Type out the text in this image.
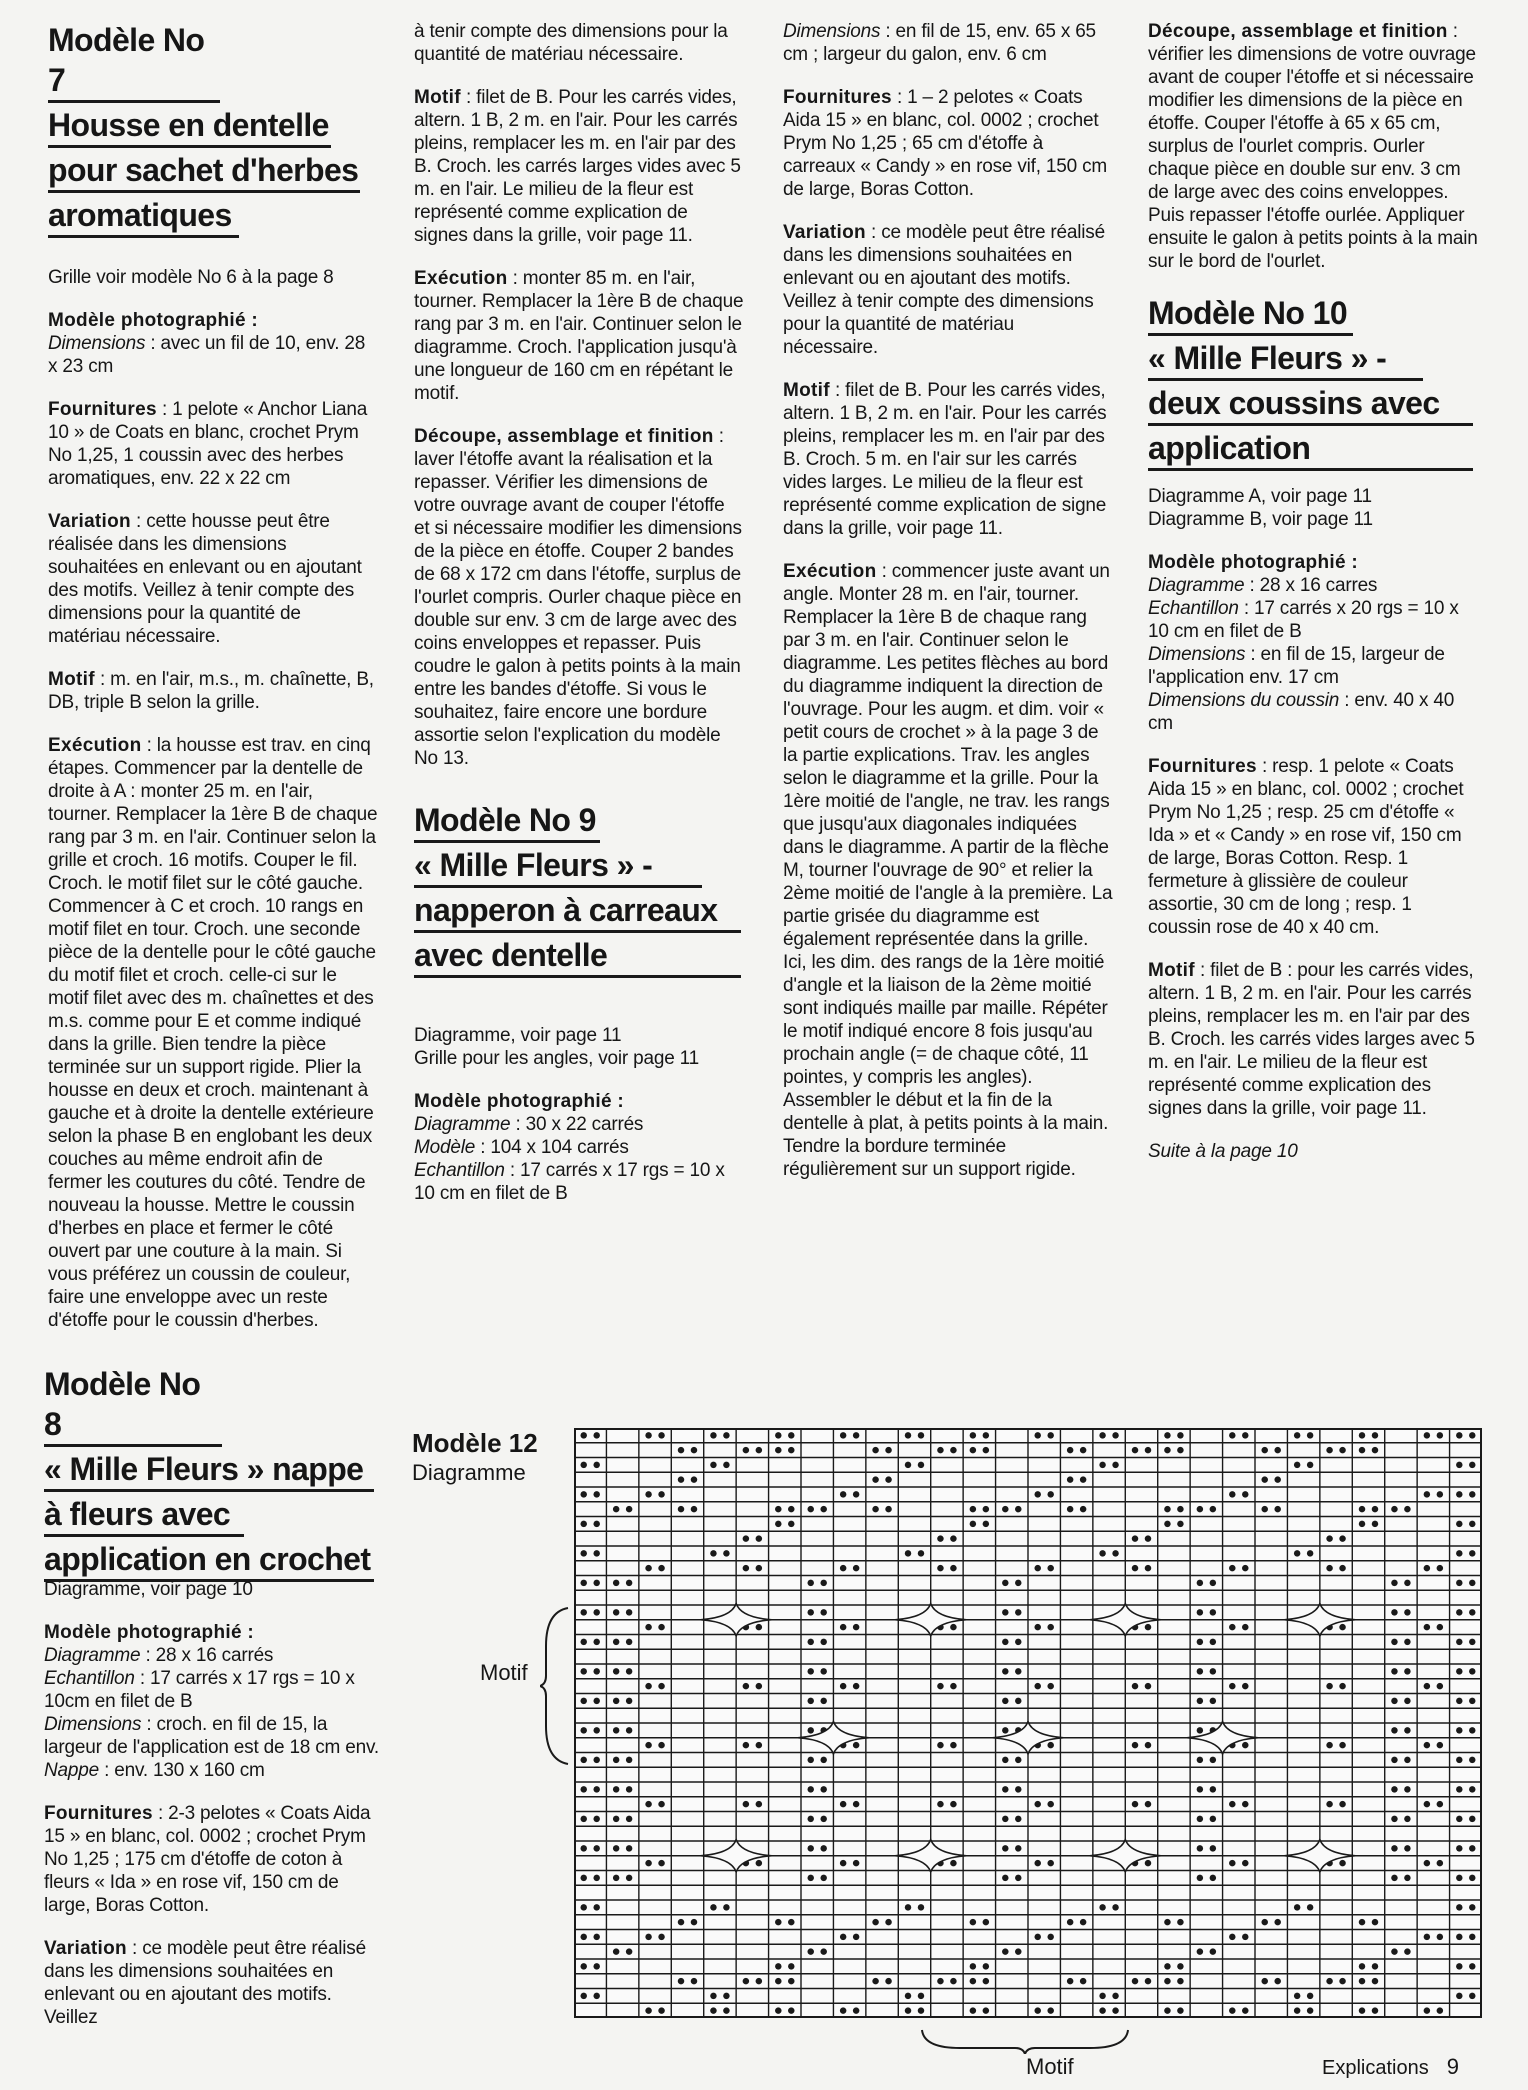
Modèle No 7
Housse en dentelle
pour sachet d'herbes
aromatiques

Grille voir modèle No 6 à la page 8

Modèle photographié :
Dimensions : avec un fil de 10, env. 28 x 23 cm

Fournitures : 1 pelote « Anchor Liana 10 » de Coats en blanc, crochet Prym No 1,25, 1 coussin avec des herbes aromatiques, env. 22 x 22 cm

Variation : cette housse peut être réalisée dans les dimensions souhaitées en enlevant ou en ajoutant des motifs. Veillez à tenir compte des dimensions pour la quantité de matériau nécessaire.

Motif : m. en l'air, m.s., m. chaînette, B, DB, triple B selon la grille.

Exécution : la housse est trav. en cinq étapes. Commencer par la dentelle de droite à A : monter 25 m. en l'air, tourner. Remplacer la 1ère B de chaque rang par 3 m. en l'air. Continuer selon la grille et croch. 16 motifs. Couper le fil. Croch. le motif filet sur le côté gauche. Commencer à C et croch. 10 rangs en motif filet en tour. Croch. une seconde pièce de la dentelle pour le côté gauche du motif filet et croch. celle-ci sur le motif filet avec des m. chaînettes et des m.s. comme pour E et comme indiqué dans la grille. Bien tendre la pièce terminée sur un support rigide. Plier la housse en deux et croch. maintenant à gauche et à droite la dentelle extérieure selon la phase B en englobant les deux couches au même endroit afin de fermer les coutures du côté. Tendre de nouveau la housse. Mettre le coussin d'herbes en place et fermer le côté ouvert par une couture à la main. Si vous préférez un coussin de couleur, faire une enveloppe avec un reste d'étoffe pour le coussin d'herbes.

à tenir compte des dimensions pour la quantité de matériau nécessaire.

Motif : filet de B. Pour les carrés vides, altern. 1 B, 2 m. en l'air. Pour les carrés pleins, remplacer les m. en l'air par des B. Croch. les carrés larges vides avec 5 m. en l'air. Le milieu de la fleur est représenté comme explication de signes dans la grille, voir page 11.

Exécution : monter 85 m. en l'air, tourner. Remplacer la 1ère B de chaque rang par 3 m. en l'air. Continuer selon le diagramme. Croch. l'application jusqu'à une longueur de 160 cm en répétant le motif.

Découpe, assemblage et finition : laver l'étoffe avant la réalisation et la repasser. Vérifier les dimensions de votre ouvrage avant de couper l'étoffe et si nécessaire modifier les dimensions de la pièce en étoffe. Couper 2 bandes de 68 x 172 cm dans l'étoffe, surplus de l'ourlet compris. Ourler chaque pièce en double sur env. 3 cm de large avec des coins enveloppes et repasser. Puis coudre le galon à petits points à la main entre les bandes d'étoffe. Si vous le souhaitez, faire encore une bordure assortie selon l'explication du modèle No 13.

Modèle No 9
« Mille Fleurs » -
napperon à carreaux
avec dentelle

Diagramme, voir page 11
Grille pour les angles, voir page 11

Modèle photographié :
Diagramme : 30 x 22 carrés
Modèle : 104 x 104 carrés
Echantillon : 17 carrés x 17 rgs = 10 x 10 cm en filet de B

Dimensions : en fil de 15, env. 65 x 65 cm ; largeur du galon, env. 6 cm

Fournitures : 1 – 2 pelotes « Coats Aida 15 » en blanc, col. 0002 ; crochet Prym No 1,25 ; 65 cm d'étoffe à carreaux « Candy » en rose vif, 150 cm de large, Boras Cotton.

Variation : ce modèle peut être réalisé dans les dimensions souhaitées en enlevant ou en ajoutant des motifs. Veillez à tenir compte des dimensions pour la quantité de matériau nécessaire.

Motif : filet de B. Pour les carrés vides, altern. 1 B, 2 m. en l'air. Pour les carrés pleins, remplacer les m. en l'air par des B. Croch. 5 m. en l'air sur les carrés vides larges. Le milieu de la fleur est représenté comme explication de signe dans la grille, voir page 11.

Exécution : commencer juste avant un angle. Monter 28 m. en l'air, tourner. Remplacer la 1ère B de chaque rang par 3 m. en l'air. Continuer selon le diagramme. Les petites flèches au bord du diagramme indiquent la direction de l'ouvrage. Pour les augm. et dim. voir « petit cours de crochet » à la page 3 de la partie explications. Trav. les angles selon le diagramme et la grille. Pour la 1ère moitié de l'angle, ne trav. les rangs que jusqu'aux diagonales indiquées dans le diagramme. A partir de la flèche M, tourner l'ouvrage de 90° et relier la 2ème moitié de l'angle à la première. La partie grisée du diagramme est également représentée dans la grille. Ici, les dim. des rangs de la 1ère moitié d'angle et la liaison de la 2ème moitié sont indiqués maille par maille. Répéter le motif indiqué encore 8 fois jusqu'au prochain angle (= de chaque côté, 11 pointes, y compris les angles). Assembler le début et la fin de la dentelle à plat, à petits points à la main. Tendre la bordure terminée régulièrement sur un support rigide.

Découpe, assemblage et finition : vérifier les dimensions de votre ouvrage avant de couper l'étoffe et si nécessaire modifier les dimensions de la pièce en étoffe. Couper l'étoffe à 65 x 65 cm, surplus de l'ourlet compris. Ourler chaque pièce en double sur env. 3 cm de large avec des coins enveloppes. Puis repasser l'étoffe ourlée. Appliquer ensuite le galon à petits points à la main sur le bord de l'ourlet.

Modèle No 10
« Mille Fleurs » -
deux coussins avec
application

Diagramme A, voir page 11
Diagramme B, voir page 11

Modèle photographié :
Diagramme : 28 x 16 carres
Echantillon : 17 carrés x 20 rgs = 10 x 10 cm en filet de B
Dimensions : en fil de 15, largeur de l'application env. 17 cm
Dimensions du coussin : env. 40 x 40 cm

Fournitures : resp. 1 pelote « Coats Aida 15 » en blanc, col. 0002 ; crochet Prym No 1,25 ; resp. 25 cm d'étoffe « Ida » et « Candy » en rose vif, 150 cm de large, Boras Cotton. Resp. 1 fermeture à glissière de couleur assortie, 30 cm de long ; resp. 1 coussin rose de 40 x 40 cm.

Motif : filet de B : pour les carrés vides, altern. 1 B, 2 m. en l'air. Pour les carrés pleins, remplacer les m. en l'air par des B. Croch. les carrés vides larges avec 5 m. en l'air. Le milieu de la fleur est représenté comme explication des signes dans la grille, voir page 11.

Suite à la page 10

Modèle No 8
« Mille Fleurs » nappe
à fleurs avec
application en crochet

Diagramme, voir page 10

Modèle photographié :
Diagramme : 28 x 16 carrés
Echantillon : 17 carrés x 17 rgs = 10 x 10cm en filet de B
Dimensions : croch. en fil de 15, la largeur de l'application est de 18 cm env.
Nappe : env. 130 x 160 cm

Fournitures : 2-3 pelotes « Coats Aida 15 » en blanc, col. 0002 ; crochet Prym No 1,25 ; 175 cm d'étoffe de coton à fleurs « Ida » en rose vif, 150 cm de large, Boras Cotton.

Variation : ce modèle peut être réalisé dans les dimensions souhaitées en enlevant ou en ajoutant des motifs. Veillez

Modèle 12
Diagramme
Motif
Motif	Explications 9
